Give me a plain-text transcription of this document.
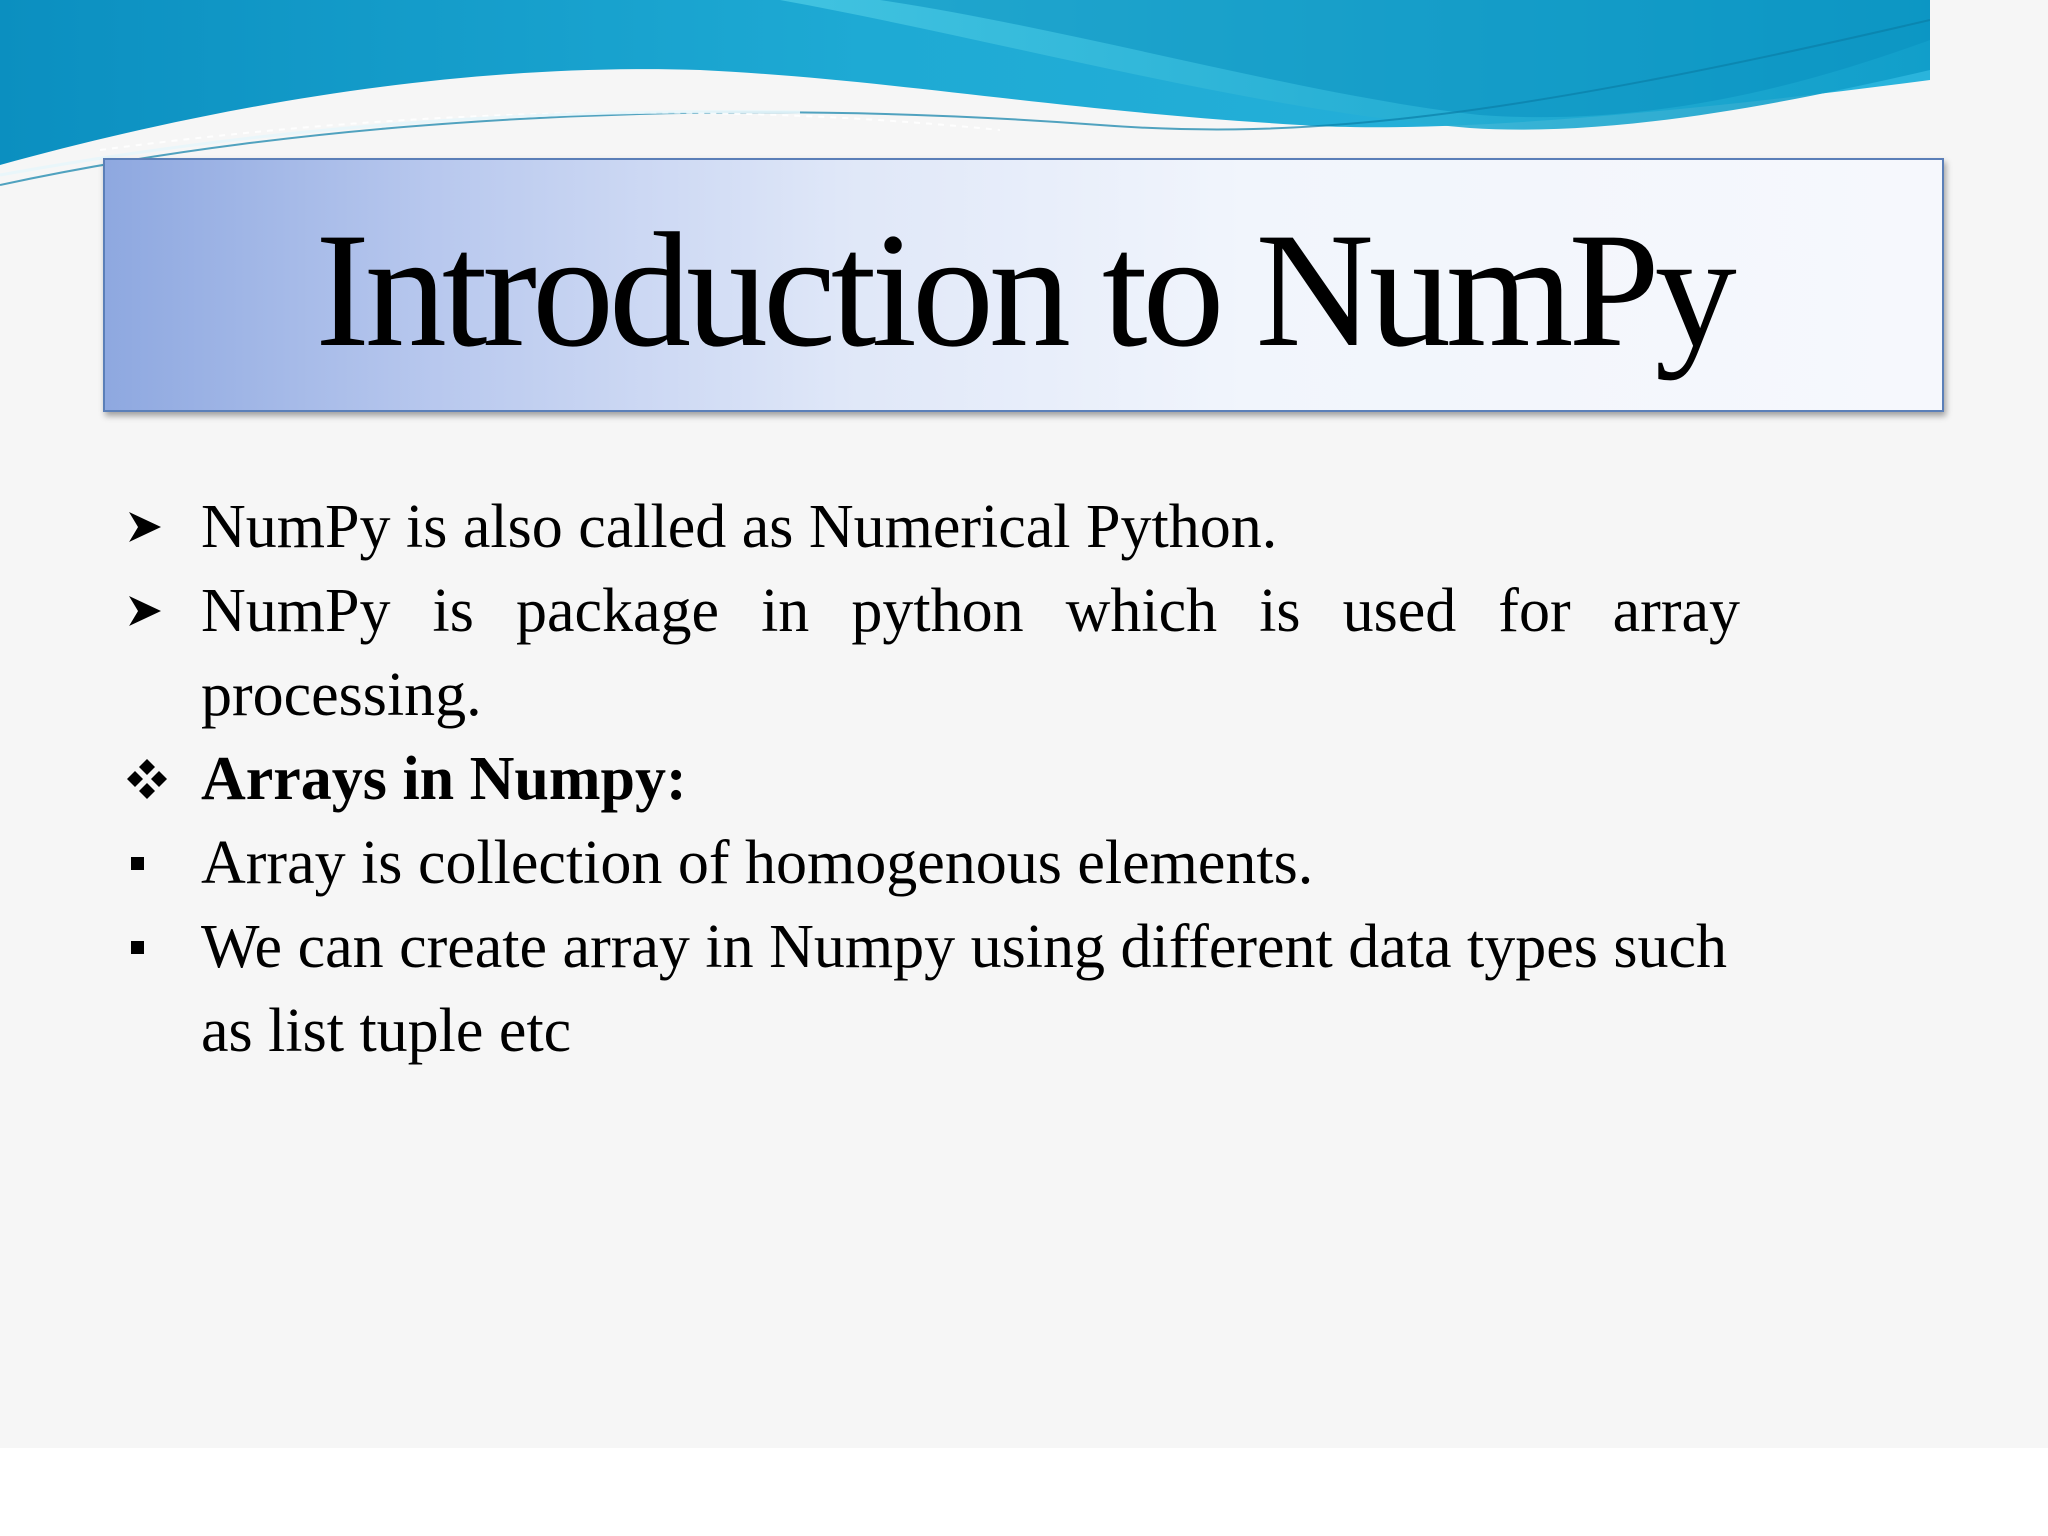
Introduction to NumPy
NumPy is also called as Numerical Python.
NumPy is package in python which is used for array processing.
Arrays in Numpy:
Array is collection of homogenous elements.
We can create array in Numpy using different data types such as list tuple etc
